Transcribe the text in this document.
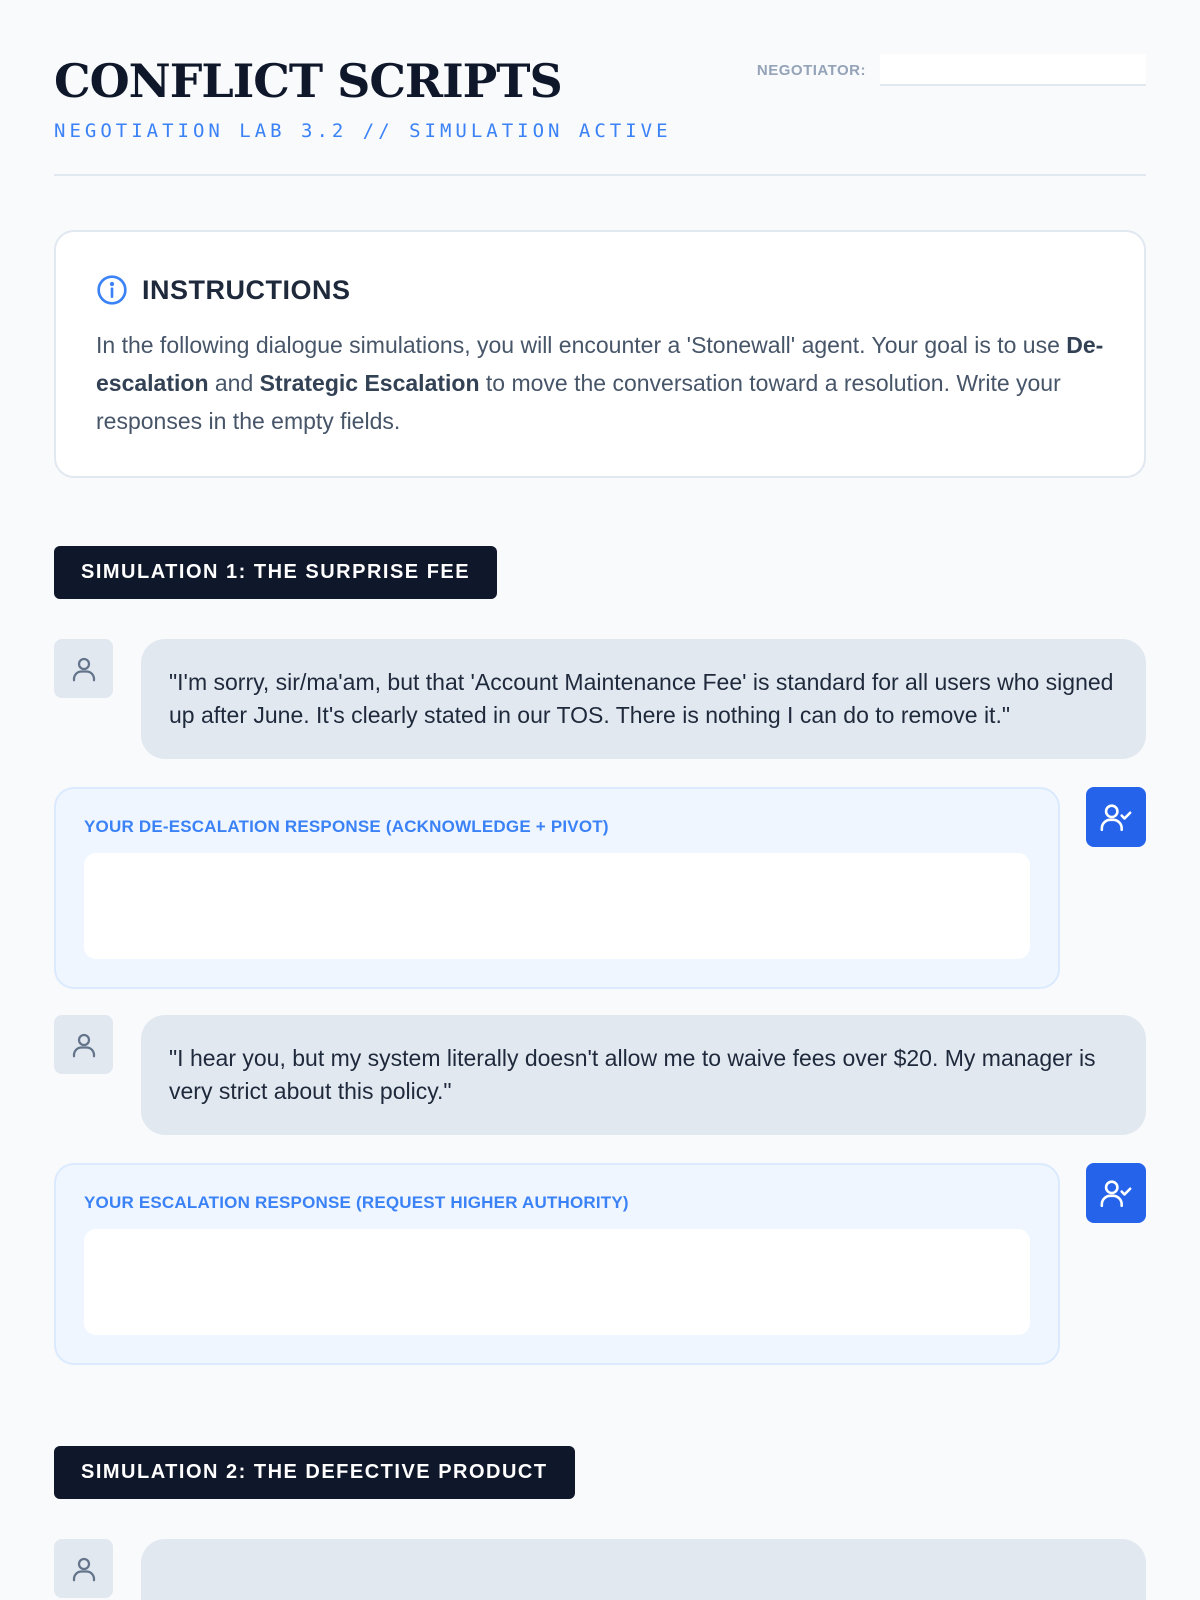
CONFLICT SCRIPTS
NEGOTIATION LAB 3.2 // SIMULATION ACTIVE
NEGOTIATOR:
INSTRUCTIONS

In the following dialogue simulations, you will encounter a 'Stonewall' agent. Your goal is to use De-escalation and Strategic Escalation to move the conversation toward a resolution. Write your responses in the empty fields.

SIMULATION 1: THE SURPRISE FEE
"I'm sorry, sir/ma'am, but that 'Account Maintenance Fee' is standard for all users who signed up after June. It's clearly stated in our TOS. There is nothing I can do to remove it."
YOUR DE-ESCALATION RESPONSE (ACKNOWLEDGE + PIVOT)
"I hear you, but my system literally doesn't allow me to waive fees over $20. My manager is very strict about this policy."
YOUR ESCALATION RESPONSE (REQUEST HIGHER AUTHORITY)
SIMULATION 2: THE DEFECTIVE PRODUCT
